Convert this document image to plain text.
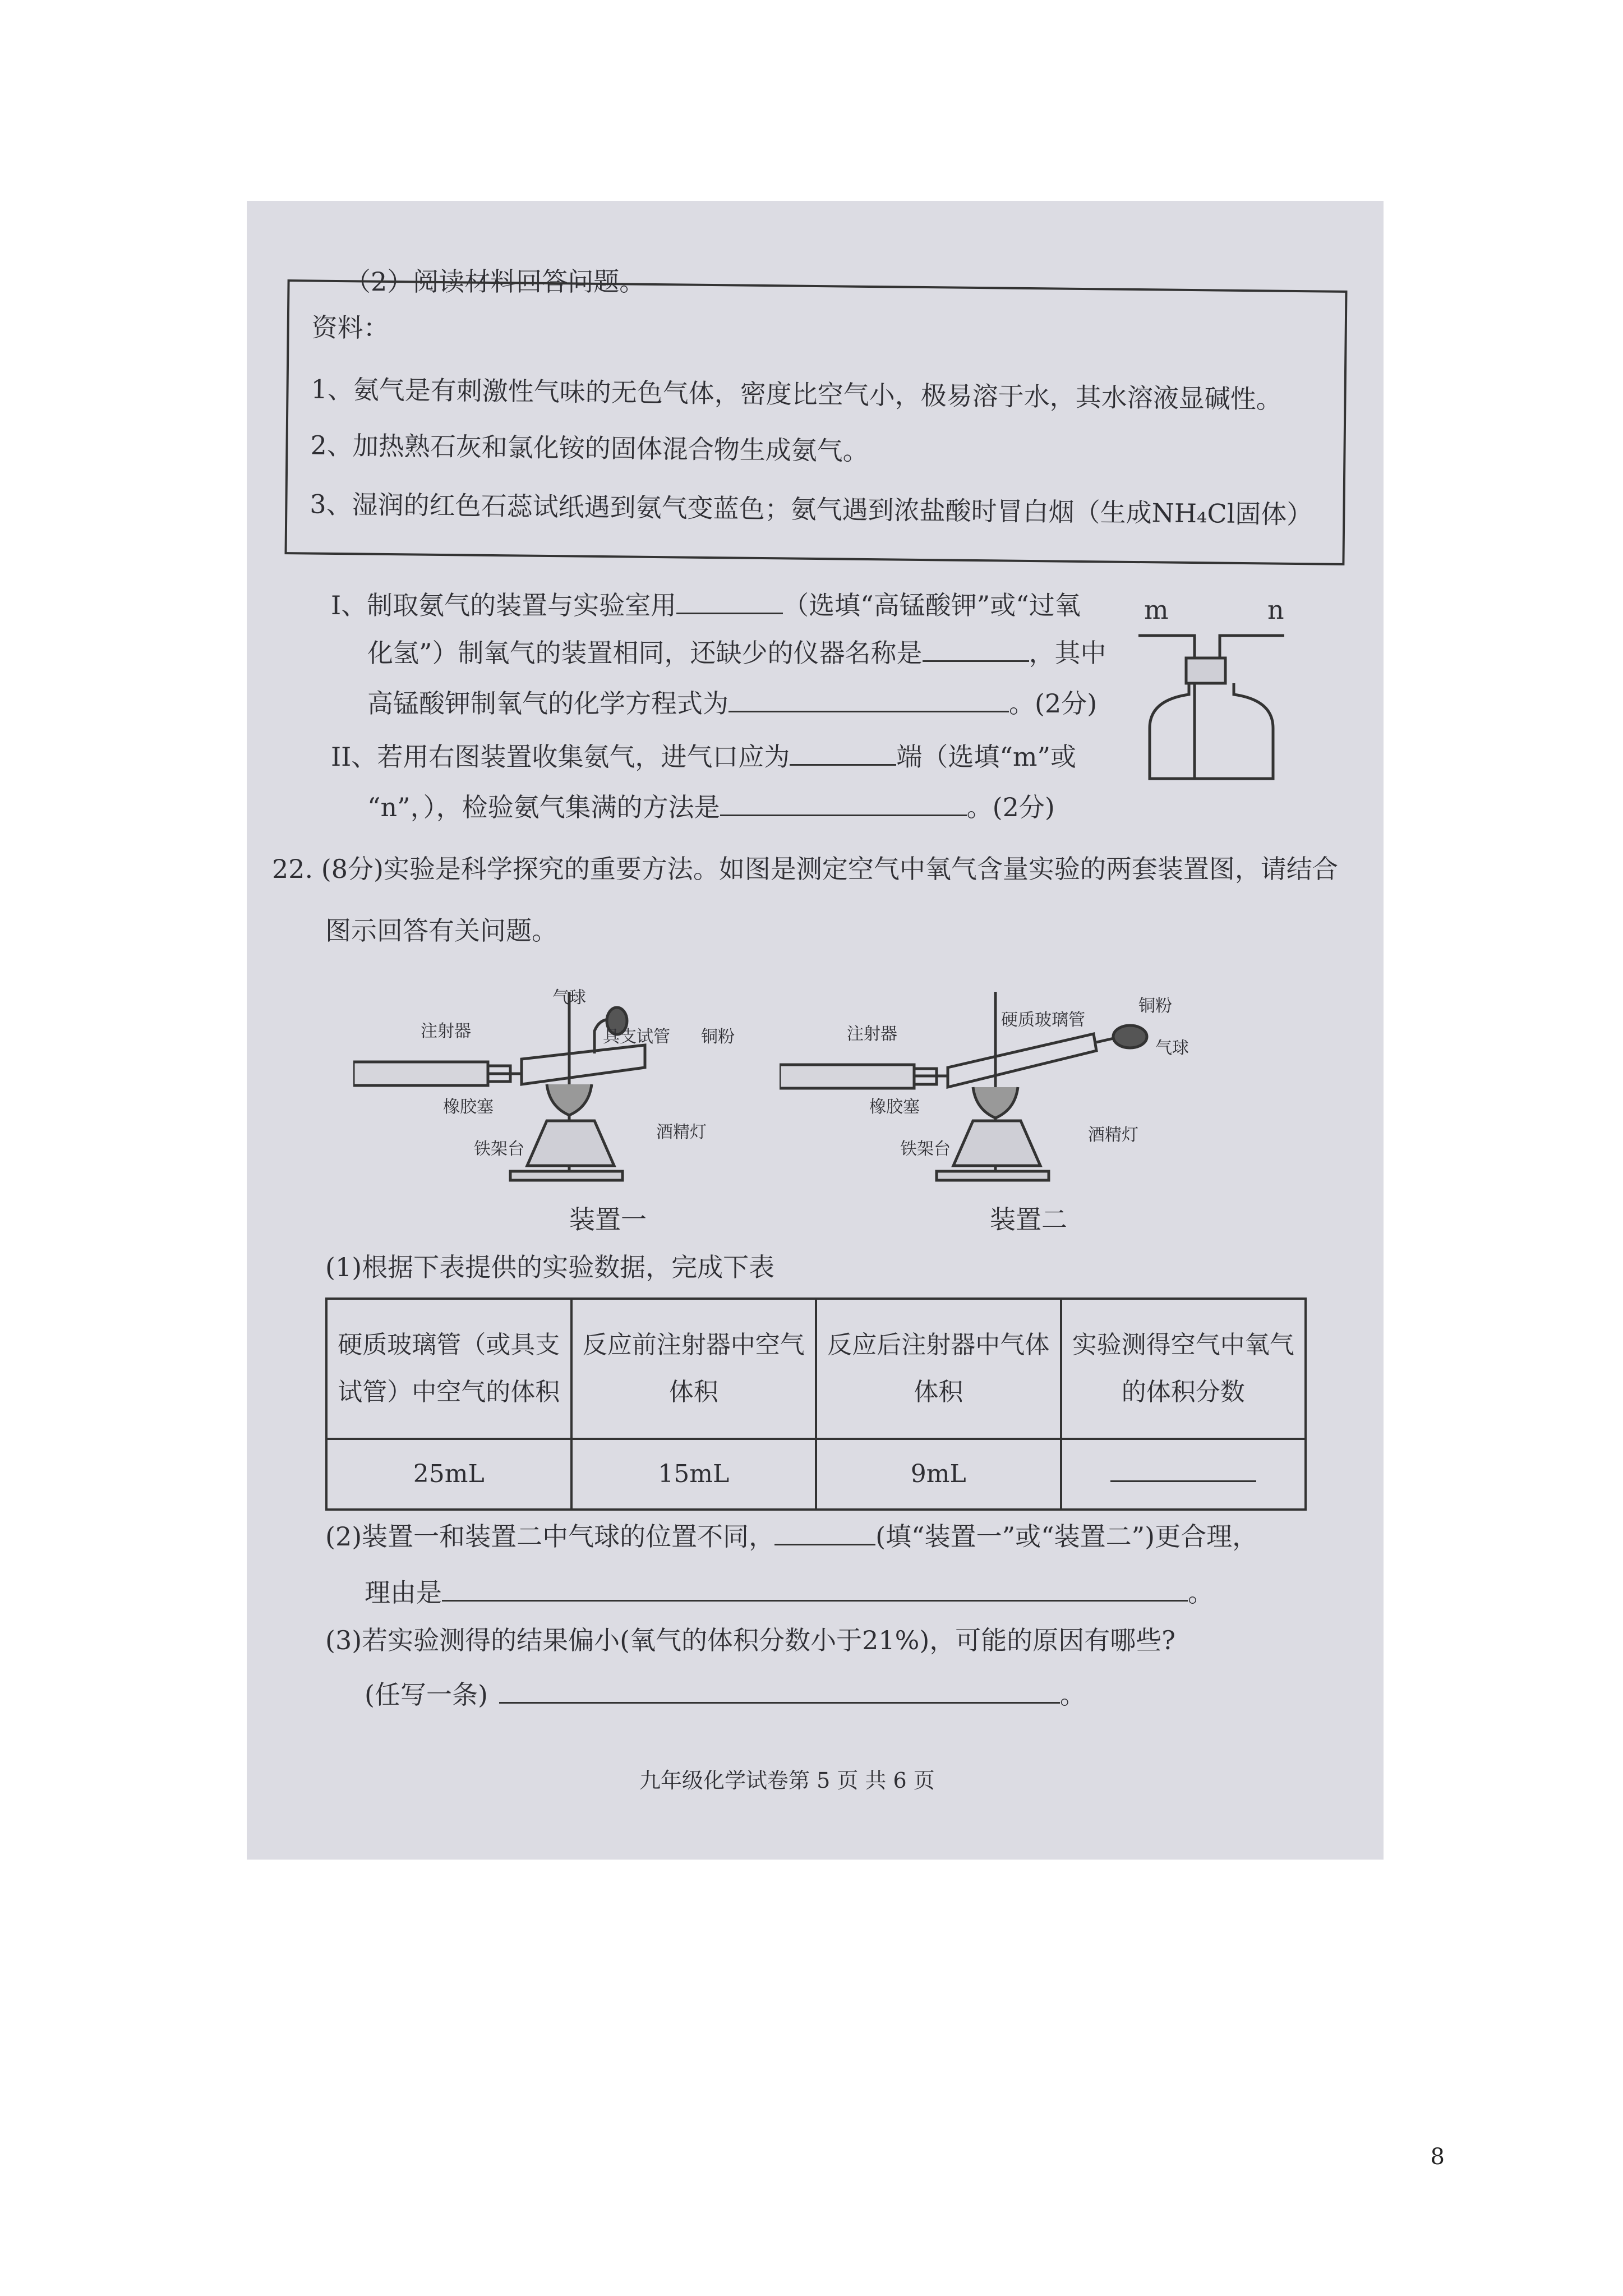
（2）阅读材料回答问题。
资料：
1、氨气是有刺激性气味的无色气体，密度比空气小，极易溶于水，其水溶液显碱性。
2、加热熟石灰和氯化铵的固体混合物生成氨气。
3、湿润的红色石蕊试纸遇到氨气变蓝色；氨气遇到浓盐酸时冒白烟（生成NH₄Cl固体）
I、制取氨气的装置与实验室用	（选填“高锰酸钾”或“过氧
化氢”）制氧气的装置相同，还缺少的仪器名称是	，其中
高锰酸钾制氧气的化学方程式为	。(2分)
II、若用右图装置收集氨气，进气口应为	端（选填“m”或
“n”，），检验氨气集满的方法是	。(2分)
m	n
22. (8分)实验是科学探究的重要方法。如图是测定空气中氧气含量实验的两套装置图，请结合
图示回答有关问题。
气球
注射器	具支试管 铜粉
橡胶塞
铁架台
酒精灯
装置一
注射器
硬质玻璃管
铜粉
气球
橡胶塞
铁架台
酒精灯
装置二
(1)根据下表提供的实验数据，完成下表
硬质玻璃管（或具支试管）中空气的体积	反应前注射器中空气体积	反应后注射器中气体体积	实验测得空气中氧气的体积分数
25mL	15mL	9mL	
(2)装置一和装置二中气球的位置不同，	(填“装置一”或“装置二”)更合理，
理由是	。
(3)若实验测得的结果偏小(氧气的体积分数小于21%)，可能的原因有哪些?
(任写一条)	。
九年级化学试卷第 5 页 共 6 页
8
